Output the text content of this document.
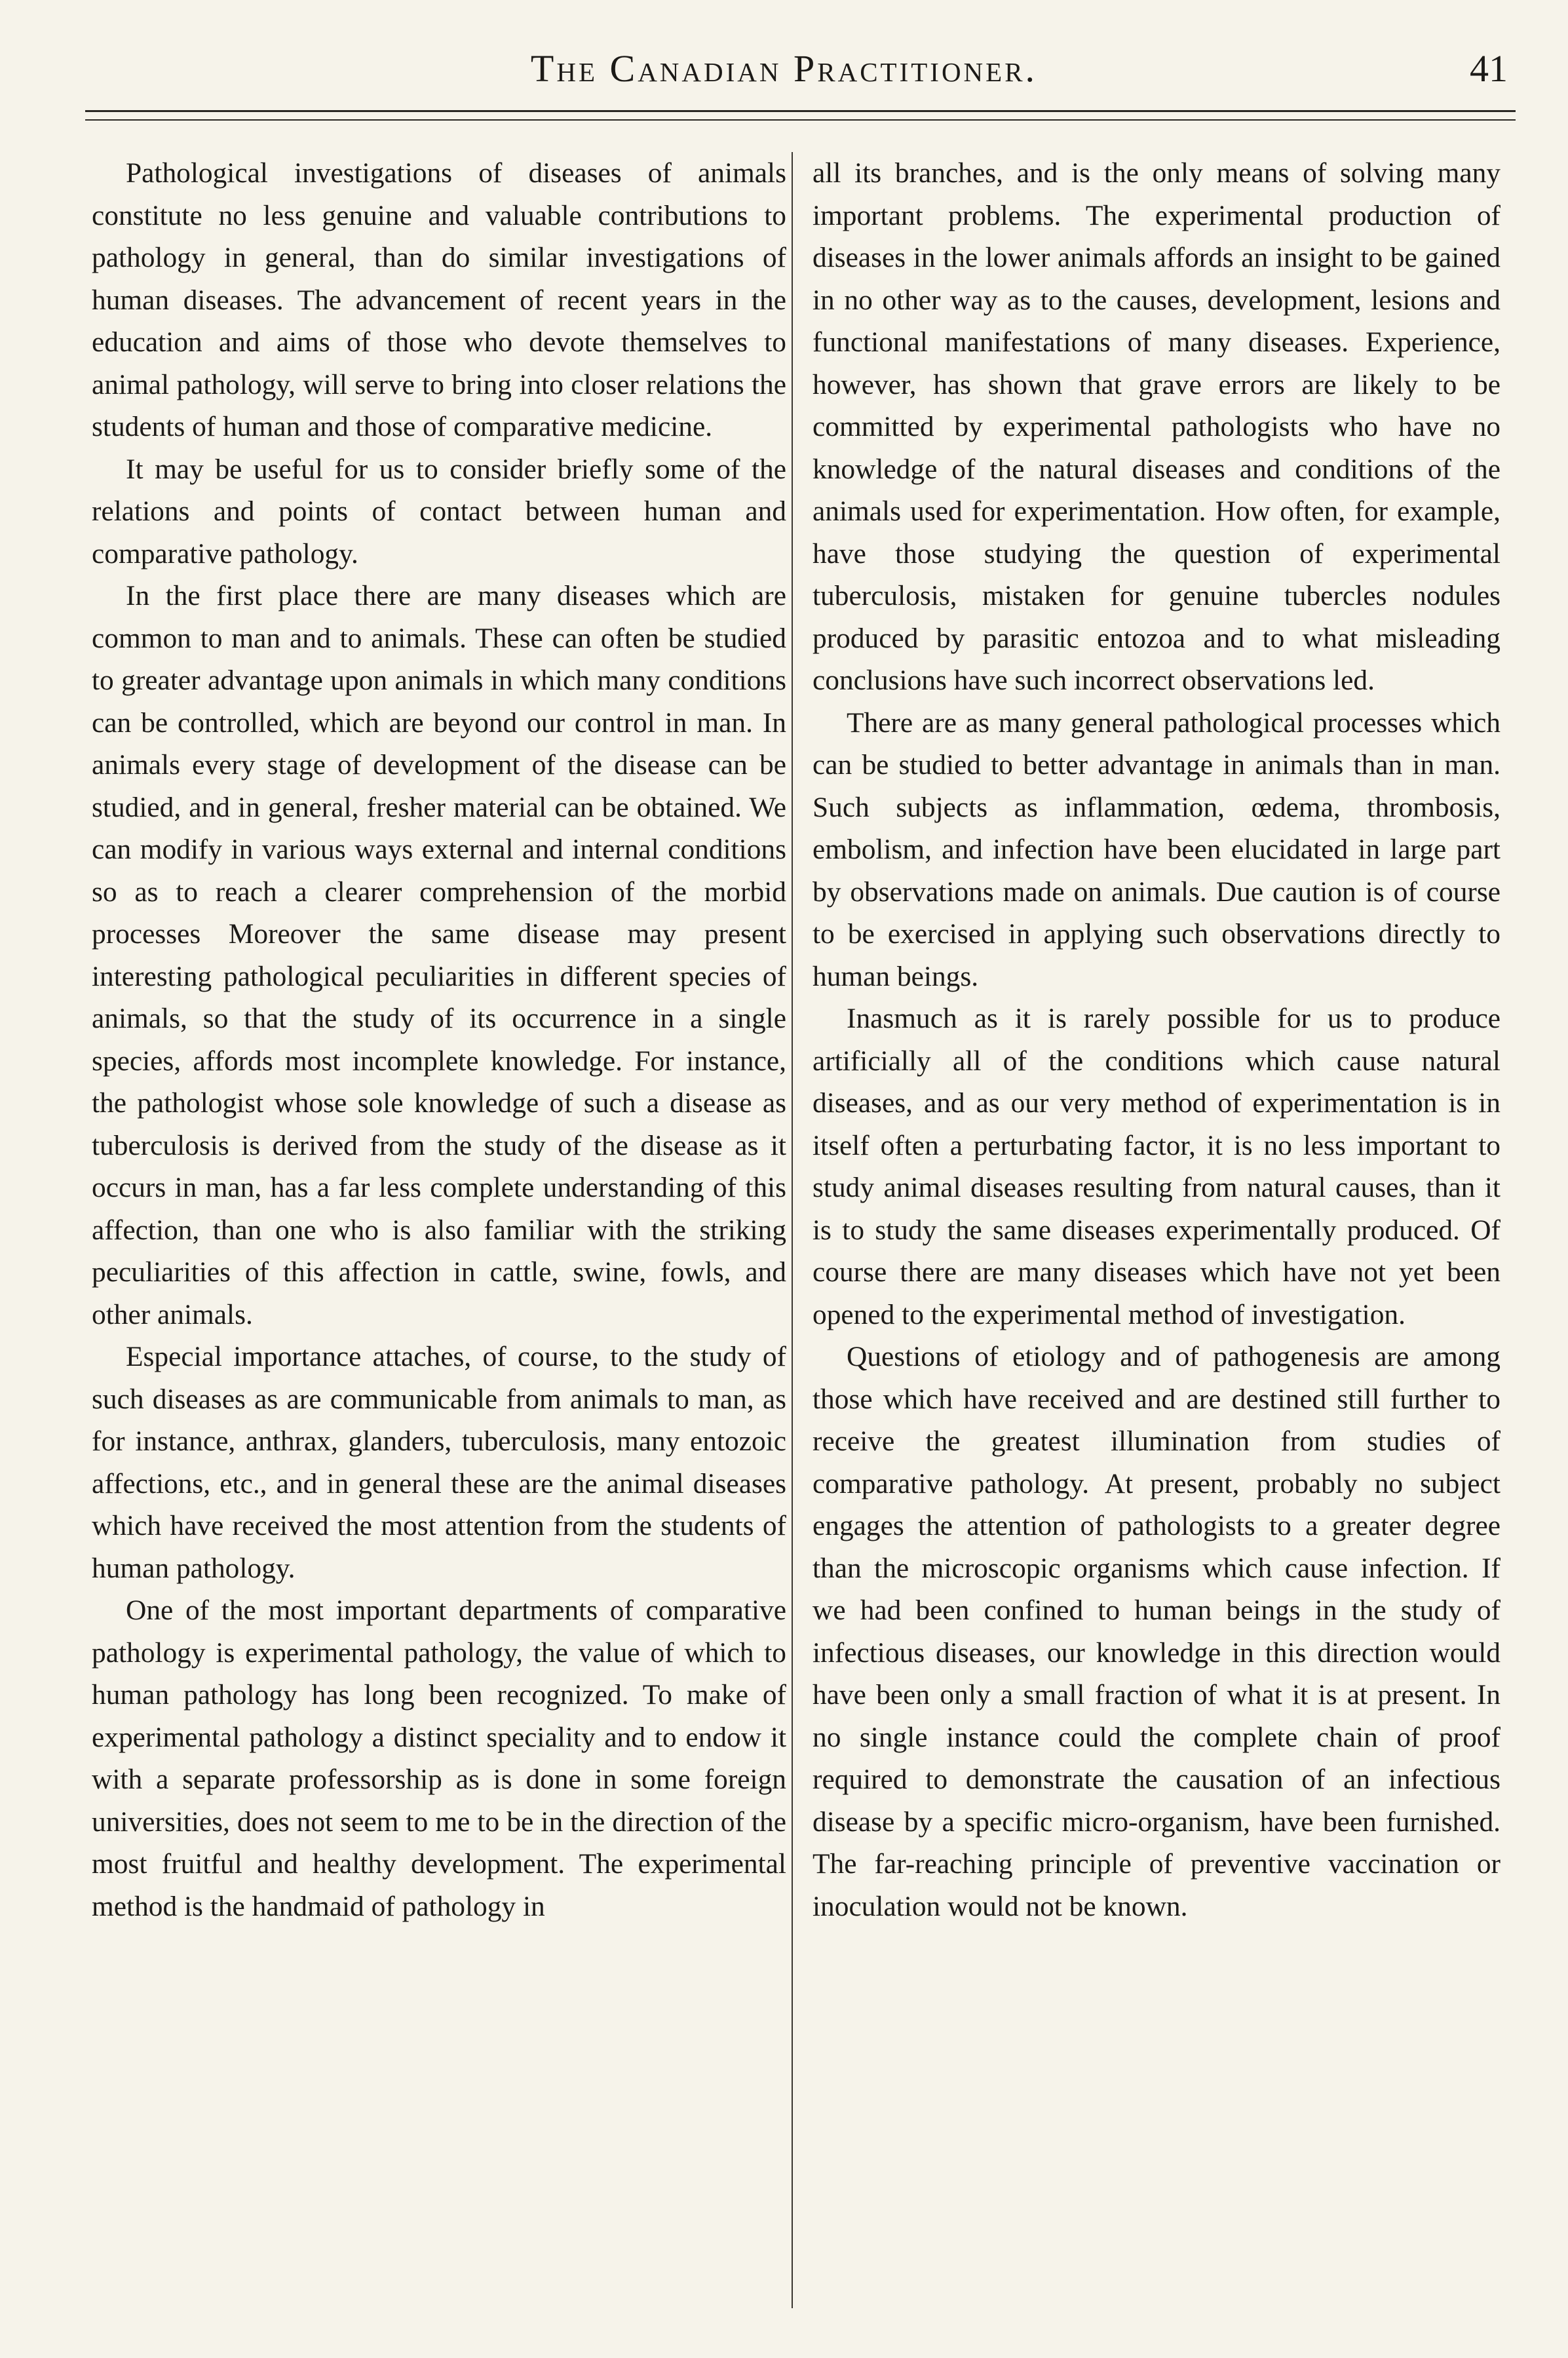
The Canadian Practitioner.	41

Pathological investigations of diseases of animals constitute no less genuine and valuable contributions to pathology in general, than do similar investigations of human diseases. The advancement of recent years in the education and aims of those who devote themselves to animal pathology, will serve to bring into closer relations the students of human and those of comparative medicine.

It may be useful for us to consider briefly some of the relations and points of contact between human and comparative pathology.

In the first place there are many diseases which are common to man and to animals. These can often be studied to greater advantage upon animals in which many conditions can be controlled, which are beyond our control in man. In animals every stage of development of the disease can be studied, and in general, fresher material can be obtained. We can modify in various ways external and internal conditions so as to reach a clearer comprehension of the morbid processes Moreover the same disease may present interesting pathological peculiarities in different species of animals, so that the study of its occurrence in a single species, affords most incomplete knowledge. For instance, the pathologist whose sole knowledge of such a disease as tuberculosis is derived from the study of the disease as it occurs in man, has a far less complete understanding of this affection, than one who is also familiar with the striking peculiarities of this affection in cattle, swine, fowls, and other animals.

Especial importance attaches, of course, to the study of such diseases as are communicable from animals to man, as for instance, anthrax, glanders, tuberculosis, many entozoic affections, etc., and in general these are the animal diseases which have received the most attention from the students of human pathology.

One of the most important departments of comparative pathology is experimental pathology, the value of which to human pathology has long been recognized. To make of experimental pathology a distinct speciality and to endow it with a separate professorship as is done in some foreign universities, does not seem to me to be in the direction of the most fruitful and healthy development. The experimental method is the handmaid of pathology in

all its branches, and is the only means of solving many important problems. The experimental production of diseases in the lower animals affords an insight to be gained in no other way as to the causes, development, lesions and functional manifestations of many diseases. Experience, however, has shown that grave errors are likely to be committed by experimental pathologists who have no knowledge of the natural diseases and conditions of the animals used for experimentation. How often, for example, have those studying the question of experimental tuberculosis, mistaken for genuine tubercles nodules produced by parasitic entozoa and to what misleading conclusions have such incorrect observations led.

There are as many general pathological processes which can be studied to better advantage in animals than in man. Such subjects as inflammation, œdema, thrombosis, embolism, and infection have been elucidated in large part by observations made on animals. Due caution is of course to be exercised in applying such observations directly to human beings.

Inasmuch as it is rarely possible for us to produce artificially all of the conditions which cause natural diseases, and as our very method of experimentation is in itself often a perturbating factor, it is no less important to study animal diseases resulting from natural causes, than it is to study the same diseases experimentally produced. Of course there are many diseases which have not yet been opened to the experimental method of investigation.

Questions of etiology and of pathogenesis are among those which have received and are destined still further to receive the greatest illumination from studies of comparative pathology. At present, probably no subject engages the attention of pathologists to a greater degree than the microscopic organisms which cause infection. If we had been confined to human beings in the study of infectious diseases, our knowledge in this direction would have been only a small fraction of what it is at present. In no single instance could the complete chain of proof required to demonstrate the causation of an infectious disease by a specific micro-organism, have been furnished. The far-reaching principle of preventive vaccination or inoculation would not be known.
